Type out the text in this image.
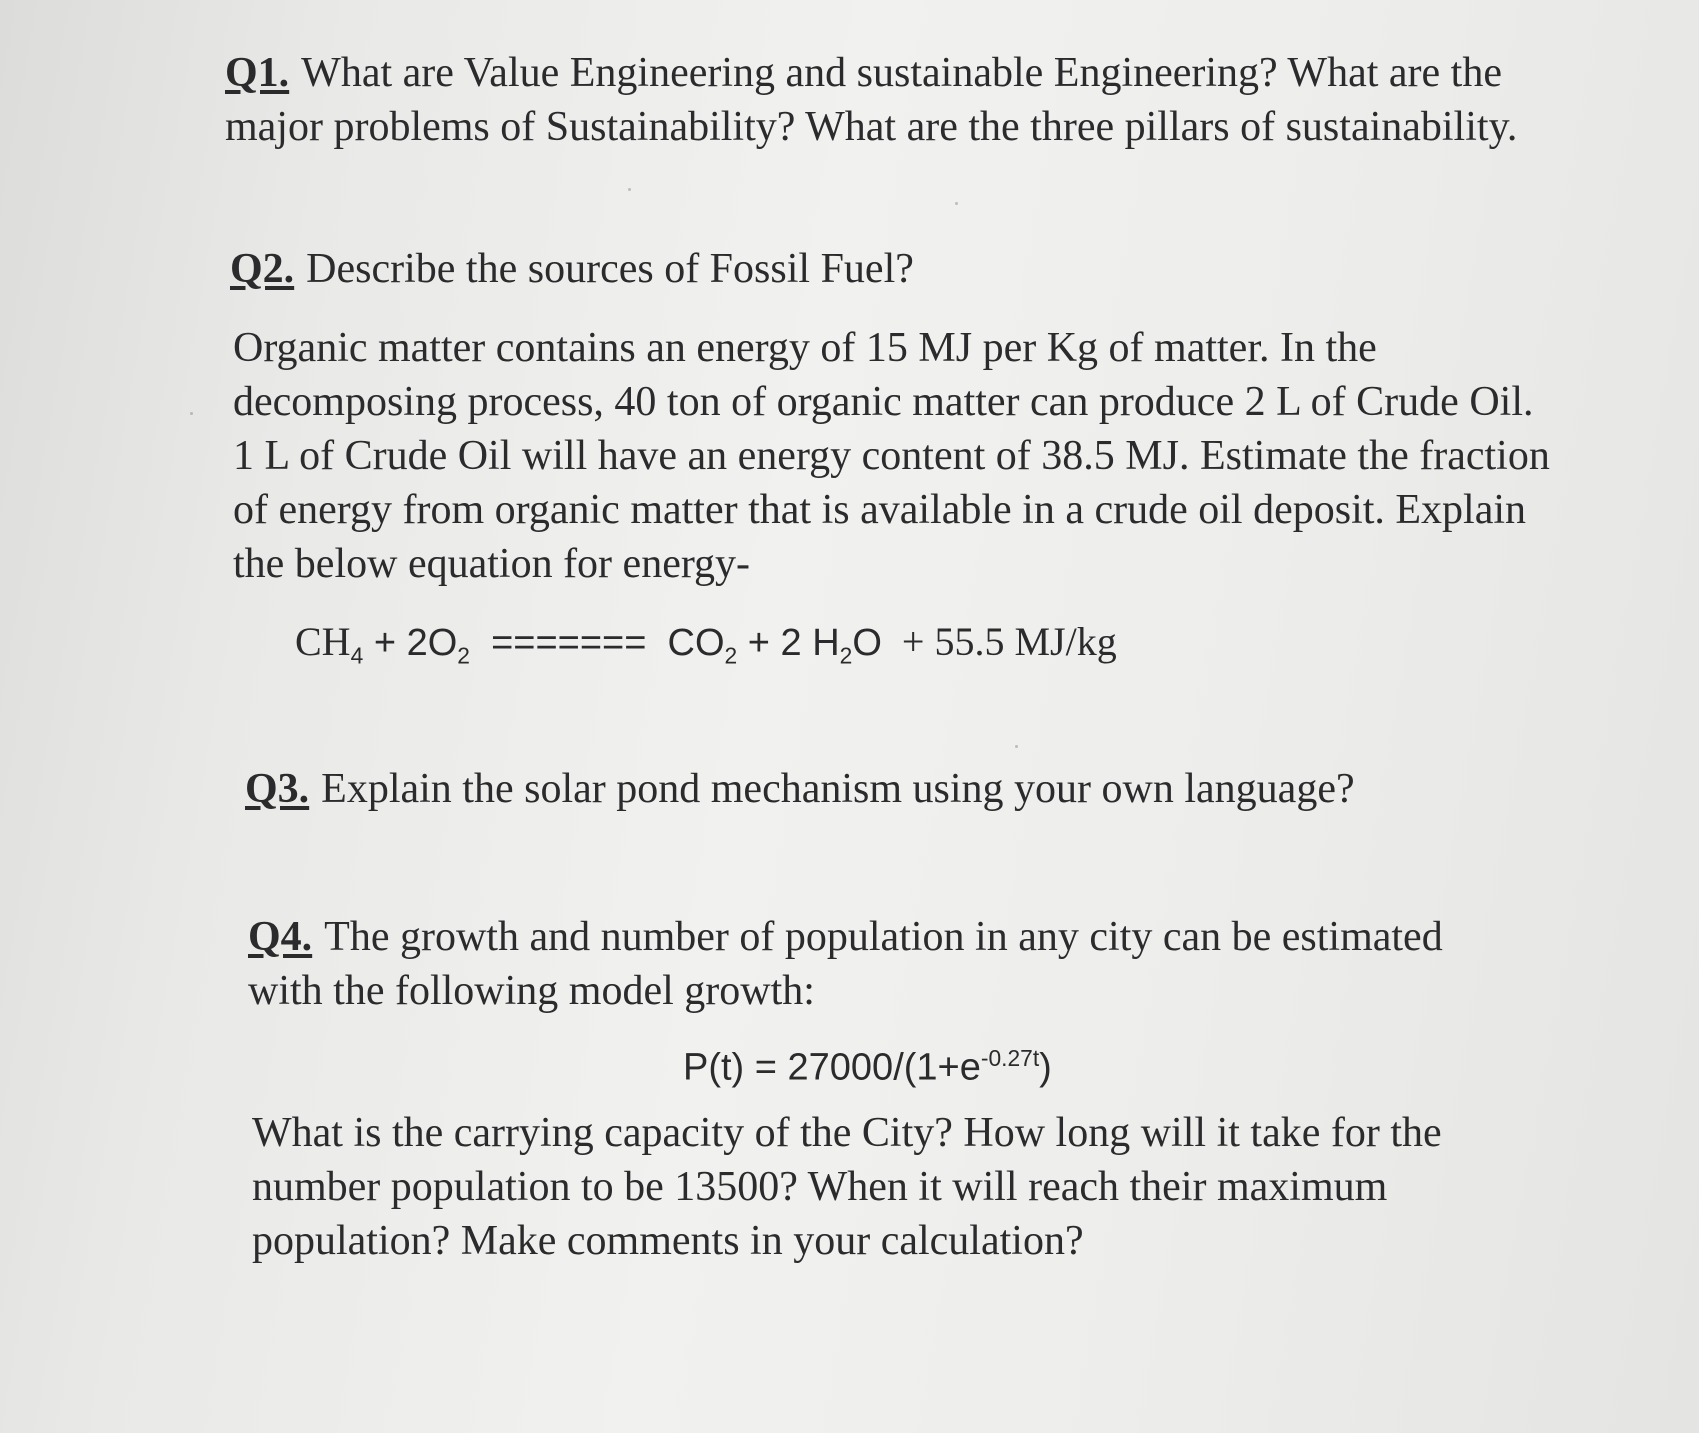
Q1. What are Value Engineering and sustainable Engineering? What are the major problems of Sustainability? What are the three pillars of sustainability.

Q2. Describe the sources of Fossil Fuel?

Organic matter contains an energy of 15 MJ per Kg of matter. In the decomposing process, 40 ton of organic matter can produce 2 L of Crude Oil. 1 L of Crude Oil will have an energy content of 38.5 MJ. Estimate the fraction of energy from organic matter that is available in a crude oil deposit. Explain the below equation for energy-

$CH_4 + 2O_2$  =======  $CO_2 + 2$ $H_2O + 55.5$ MJ/kg

Q3. Explain the solar pond mechanism using your own language?

Q4. The growth and number of population in any city can be estimated with the following model growth:

$P(t) = 27000/(1+e^{-0.27t})$

What is the carrying capacity of the City? How long will it take for the number population to be 13500? When it will reach their maximum population? Make comments in your calculation?
